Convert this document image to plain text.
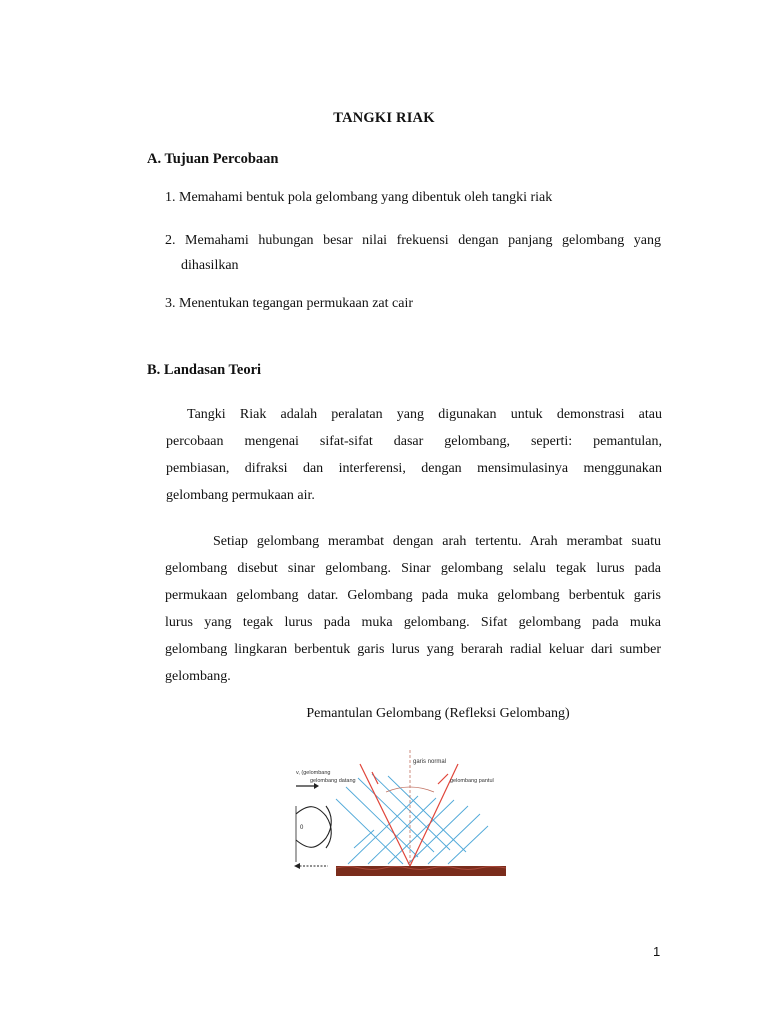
TANGKI RIAK
A. Tujuan Percobaan
1. Memahami bentuk pola gelombang yang dibentuk oleh tangki riak
2. Memahami hubungan besar nilai frekuensi dengan panjang gelombang yang
dihasilkan
3. Menentukan tegangan permukaan zat cair
B. Landasan Teori
Tangki Riak adalah peralatan yang digunakan untuk demonstrasi atau
percobaan mengenai sifat-sifat dasar gelombang, seperti: pemantulan,
pembiasan, difraksi dan interferensi, dengan mensimulasinya menggunakan
gelombang permukaan air.
Setiap gelombang merambat dengan arah tertentu. Arah merambat suatu
gelombang disebut sinar gelombang. Sinar gelombang selalu tegak lurus pada
permukaan gelombang datar. Gelombang pada muka gelombang berbentuk garis
lurus yang tegak lurus pada muka gelombang. Sifat gelombang pada muka
gelombang lingkaran berbentuk garis lurus yang berarah radial keluar dari sumber
gelombang.
Pemantulan Gelombang (Refleksi Gelombang)
garis normal
gelombang datang	gelombang pantul
v, (gelombang
0
1
